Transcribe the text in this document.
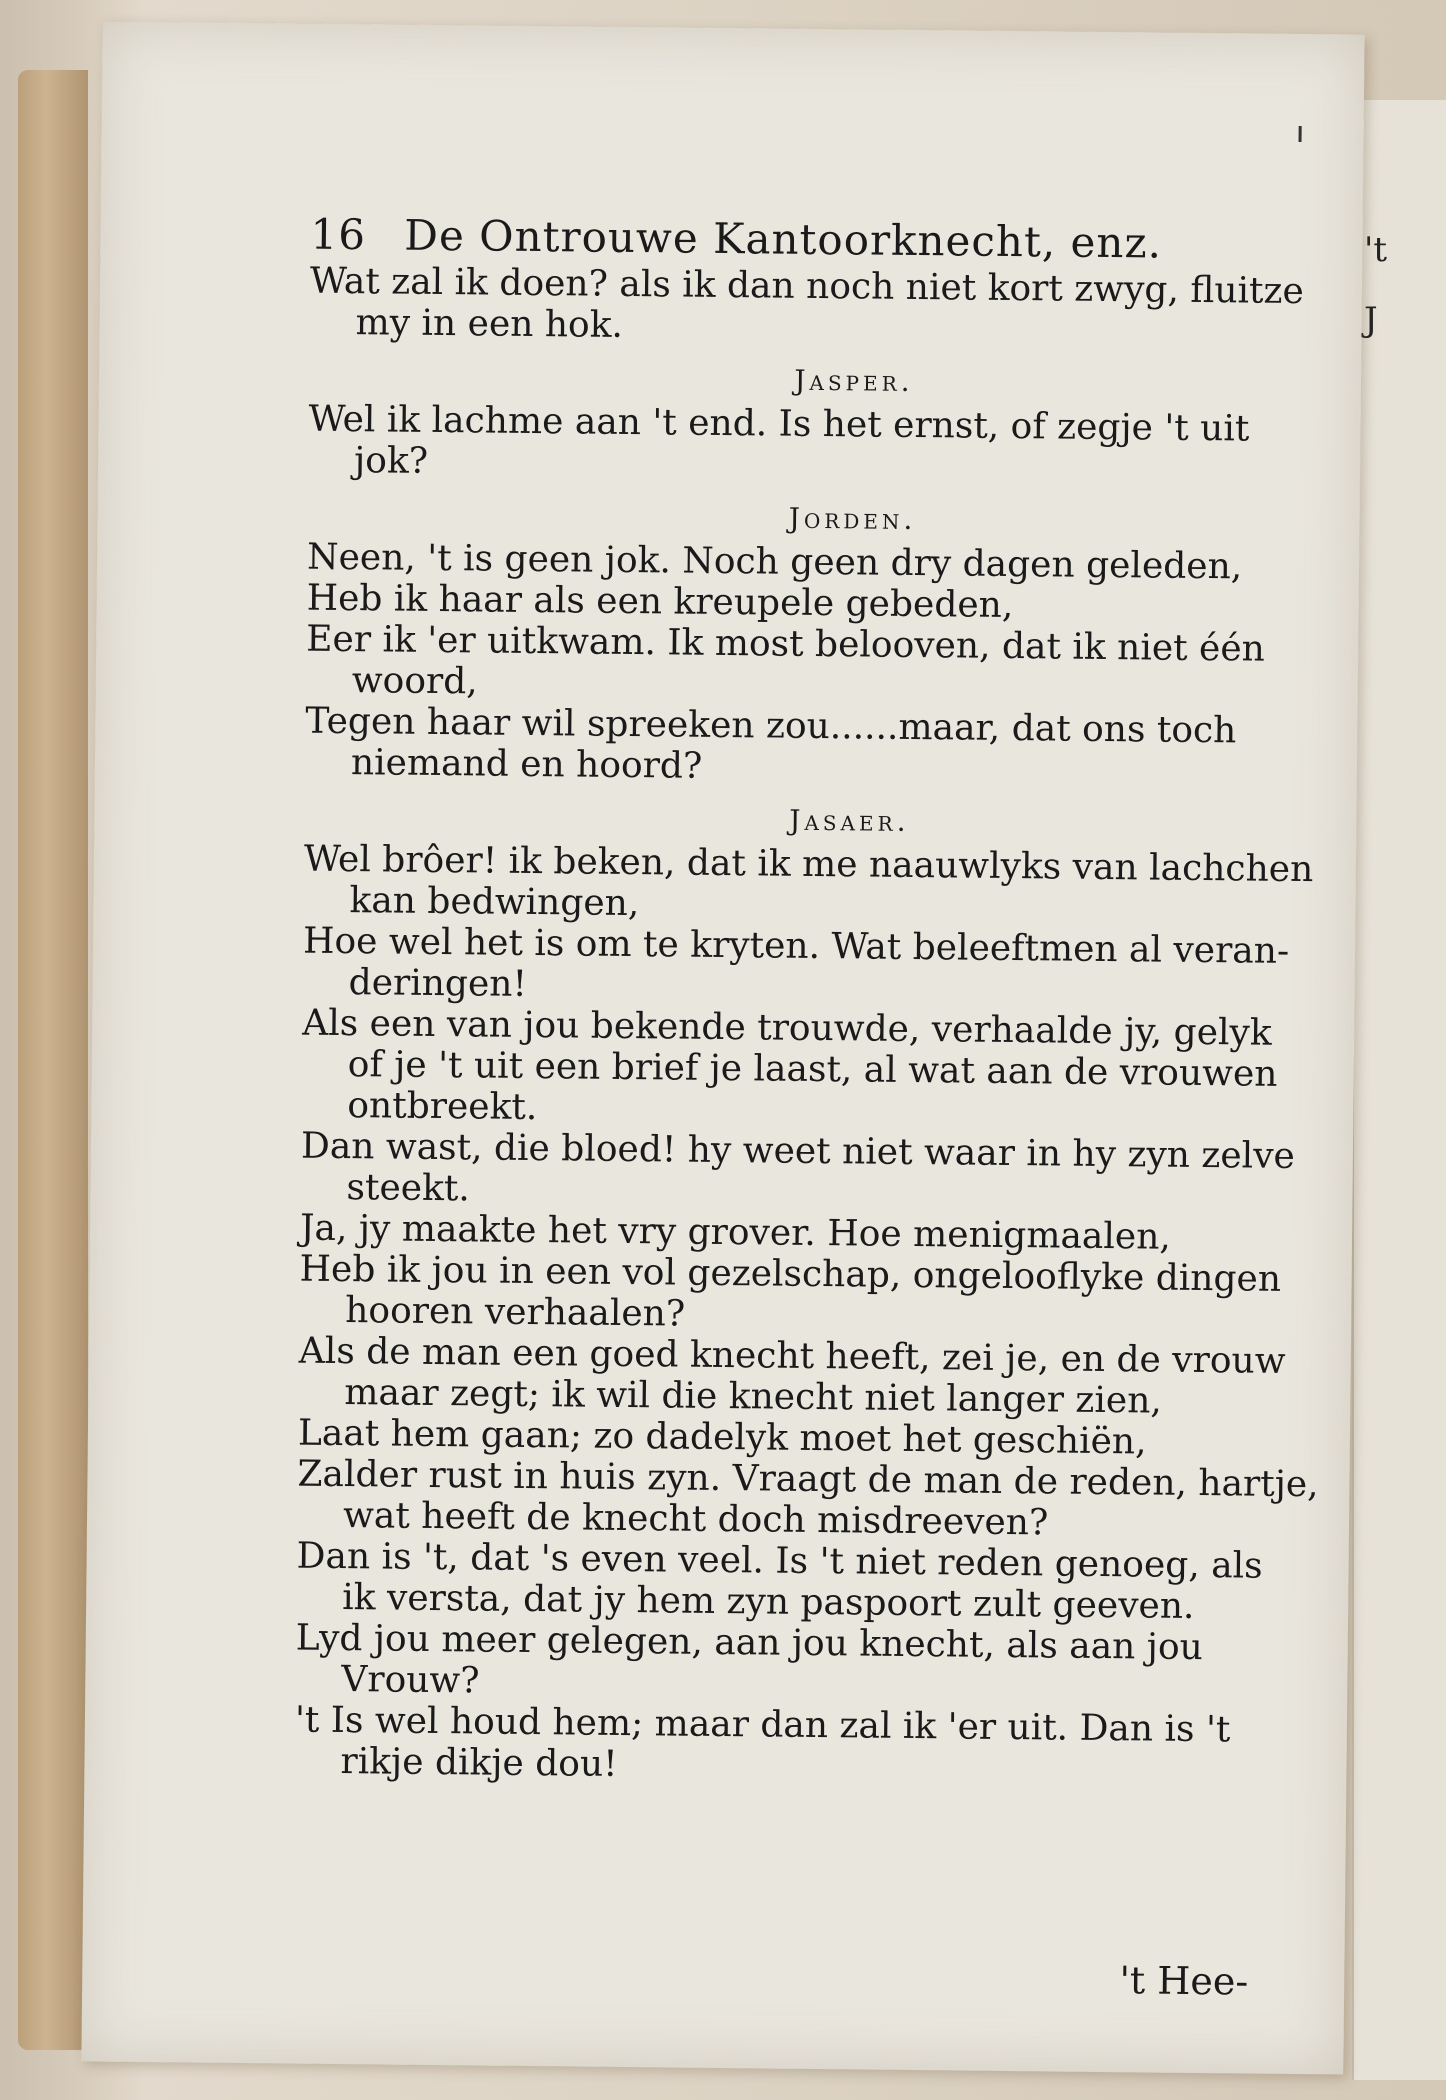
't
J
16 De Ontrouwe Kantoorknecht, enz.
Wat zal ik doen? als ik dan noch niet kort zwyg, fluitze
my in een hok.
Jasper.
Wel ik lachme aan 't end. Is het ernst, of zegje 't uit
jok?
Jorden.
Neen, 't is geen jok. Noch geen dry dagen geleden,
Heb ik haar als een kreupele gebeden,
Eer ik 'er uitkwam. Ik most belooven, dat ik niet één
woord,
Tegen haar wil spreeken zou......maar, dat ons toch
niemand en hoord?
Jasaer.
Wel brôer! ik beken, dat ik me naauwlyks van lachchen
kan bedwingen,
Hoe wel het is om te kryten. Wat beleeftmen al veran-
deringen!
Als een van jou bekende trouwde, verhaalde jy, gelyk
of je 't uit een brief je laast, al wat aan de vrouwen
ontbreekt.
Dan wast, die bloed! hy weet niet waar in hy zyn zelve
steekt.
Ja, jy maakte het vry grover. Hoe menigmaalen,
Heb ik jou in een vol gezelschap, ongelooflyke dingen
hooren verhaalen?
Als de man een goed knecht heeft, zei je, en de vrouw
maar zegt; ik wil die knecht niet langer zien,
Laat hem gaan; zo dadelyk moet het geschiën,
Zalder rust in huis zyn. Vraagt de man de reden, hartje,
wat heeft de knecht doch misdreeven?
Dan is 't, dat 's even veel. Is 't niet reden genoeg, als
ik versta, dat jy hem zyn paspoort zult geeven.
Lyd jou meer gelegen, aan jou knecht, als aan jou
Vrouw?
't Is wel houd hem; maar dan zal ik 'er uit. Dan is 't
rikje dikje dou!
't Hee-
